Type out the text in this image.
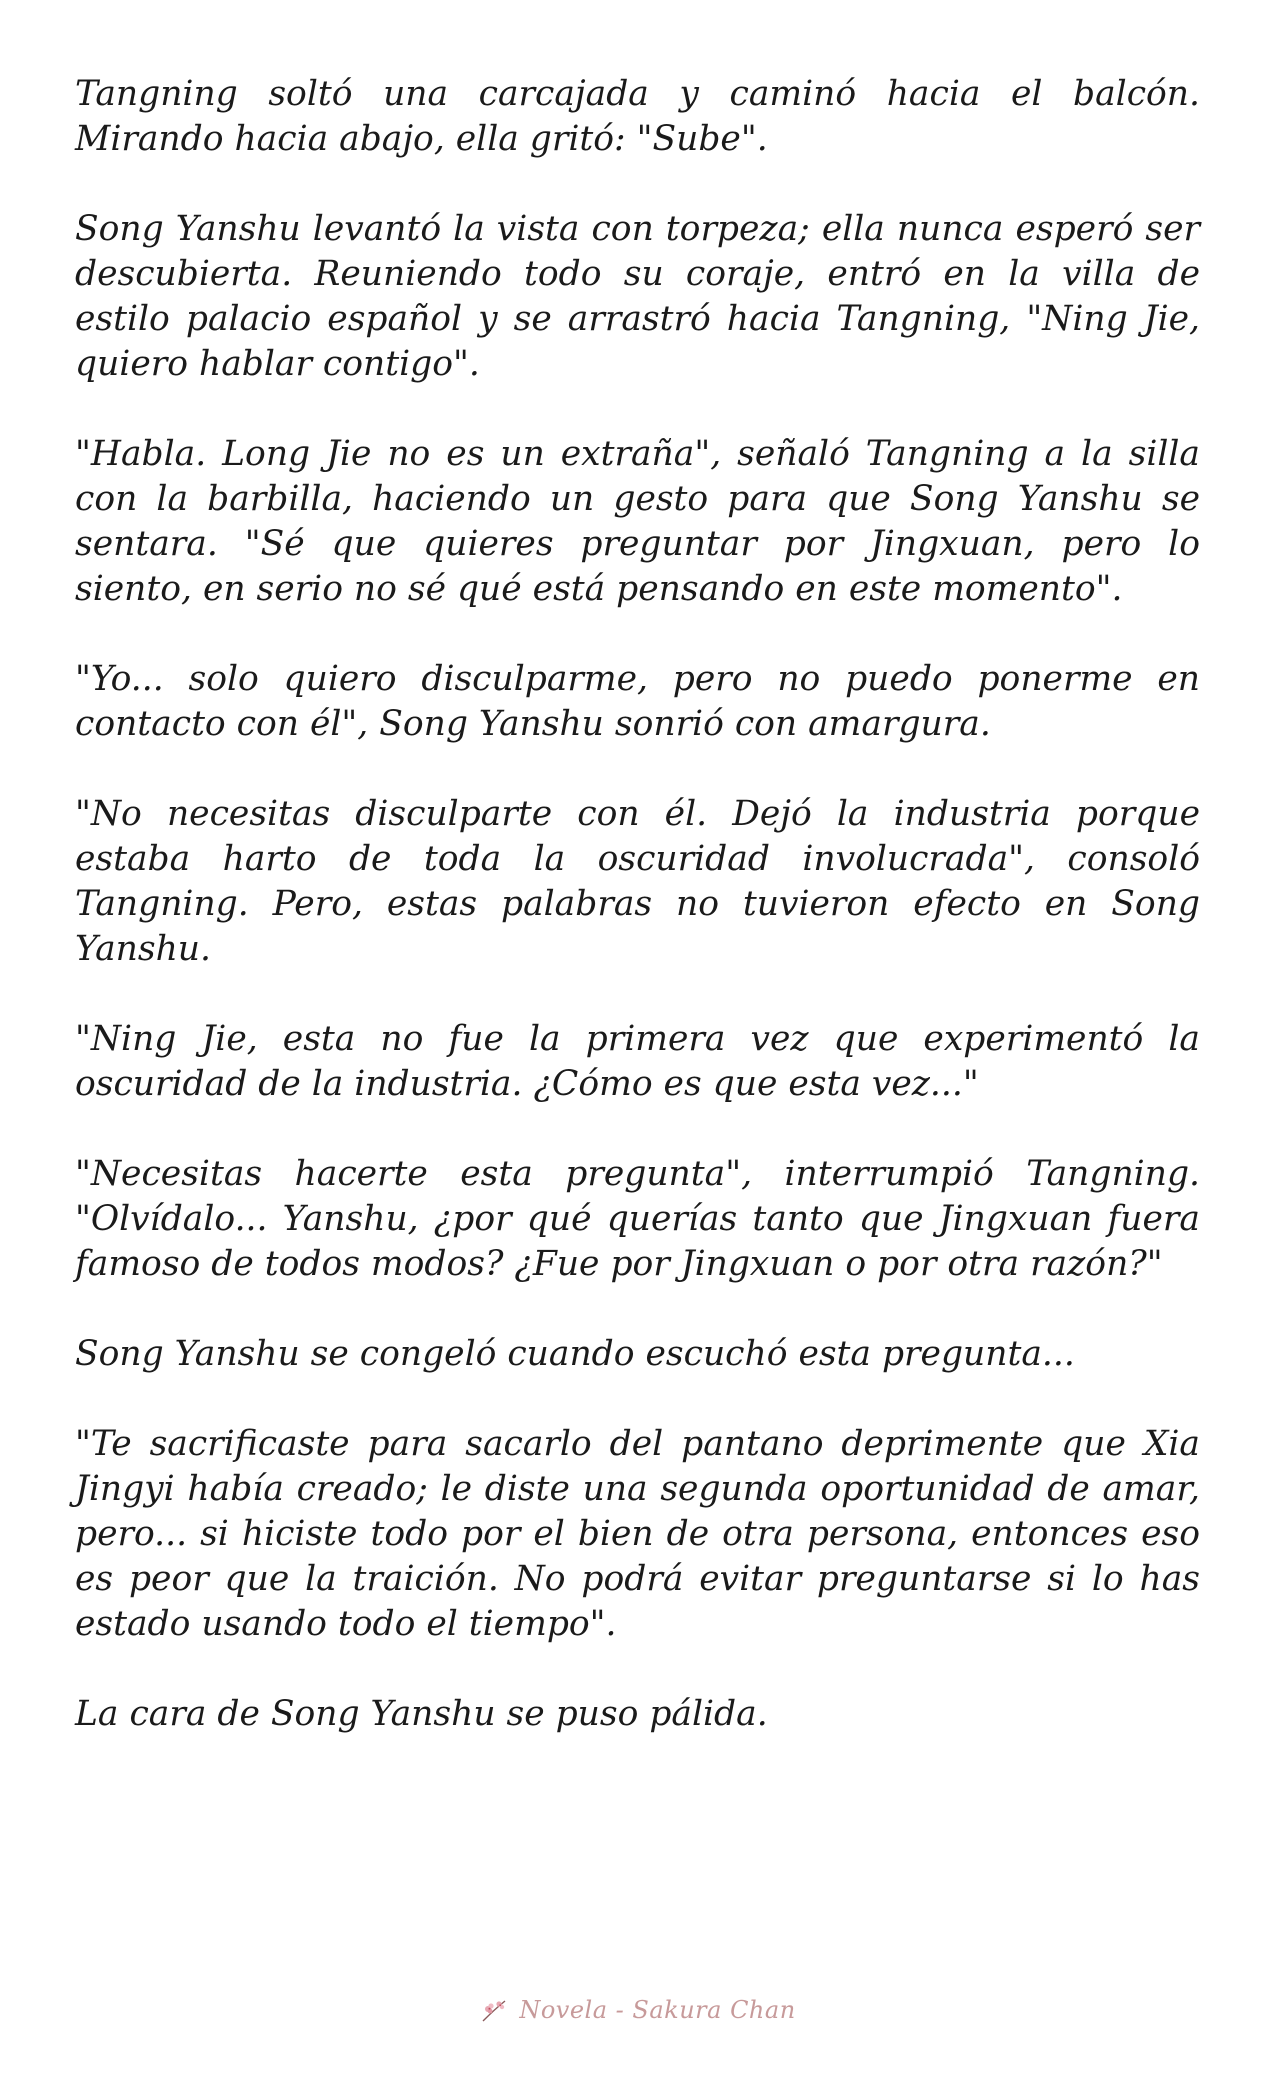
Tangning soltó una carcajada y caminó hacia el balcón. Mirando hacia abajo, ella gritó: "Sube".

Song Yanshu levantó la vista con torpeza; ella nunca esperó ser descubierta. Reuniendo todo su coraje, entró en la villa de estilo palacio español y se arrastró hacia Tangning, "Ning Jie, quiero hablar contigo".

"Habla. Long Jie no es un extraña", señaló Tangning a la silla con la barbilla, haciendo un gesto para que Song Yanshu se sentara. "Sé que quieres preguntar por Jingxuan, pero lo siento, en serio no sé qué está pensando en este momento".

"Yo... solo quiero disculparme, pero no puedo ponerme en contacto con él", Song Yanshu sonrió con amargura.

"No necesitas disculparte con él. Dejó la industria porque estaba harto de toda la oscuridad involucrada", consoló Tangning. Pero, estas palabras no tuvieron efecto en Song Yanshu.

"Ning Jie, esta no fue la primera vez que experimentó la oscuridad de la industria. ¿Cómo es que esta vez..."

"Necesitas hacerte esta pregunta", interrumpió Tangning. "Olvídalo... Yanshu, ¿por qué querías tanto que Jingxuan fuera famoso de todos modos? ¿Fue por Jingxuan o por otra razón?"

Song Yanshu se congeló cuando escuchó esta pregunta...

"Te sacrificaste para sacarlo del pantano deprimente que Xia Jingyi había creado; le diste una segunda oportunidad de amar, pero... si hiciste todo por el bien de otra persona, entonces eso es peor que la traición. No podrá evitar preguntarse si lo has estado usando todo el tiempo".

La cara de Song Yanshu se puso pálida.

Novela - Sakura Chan
